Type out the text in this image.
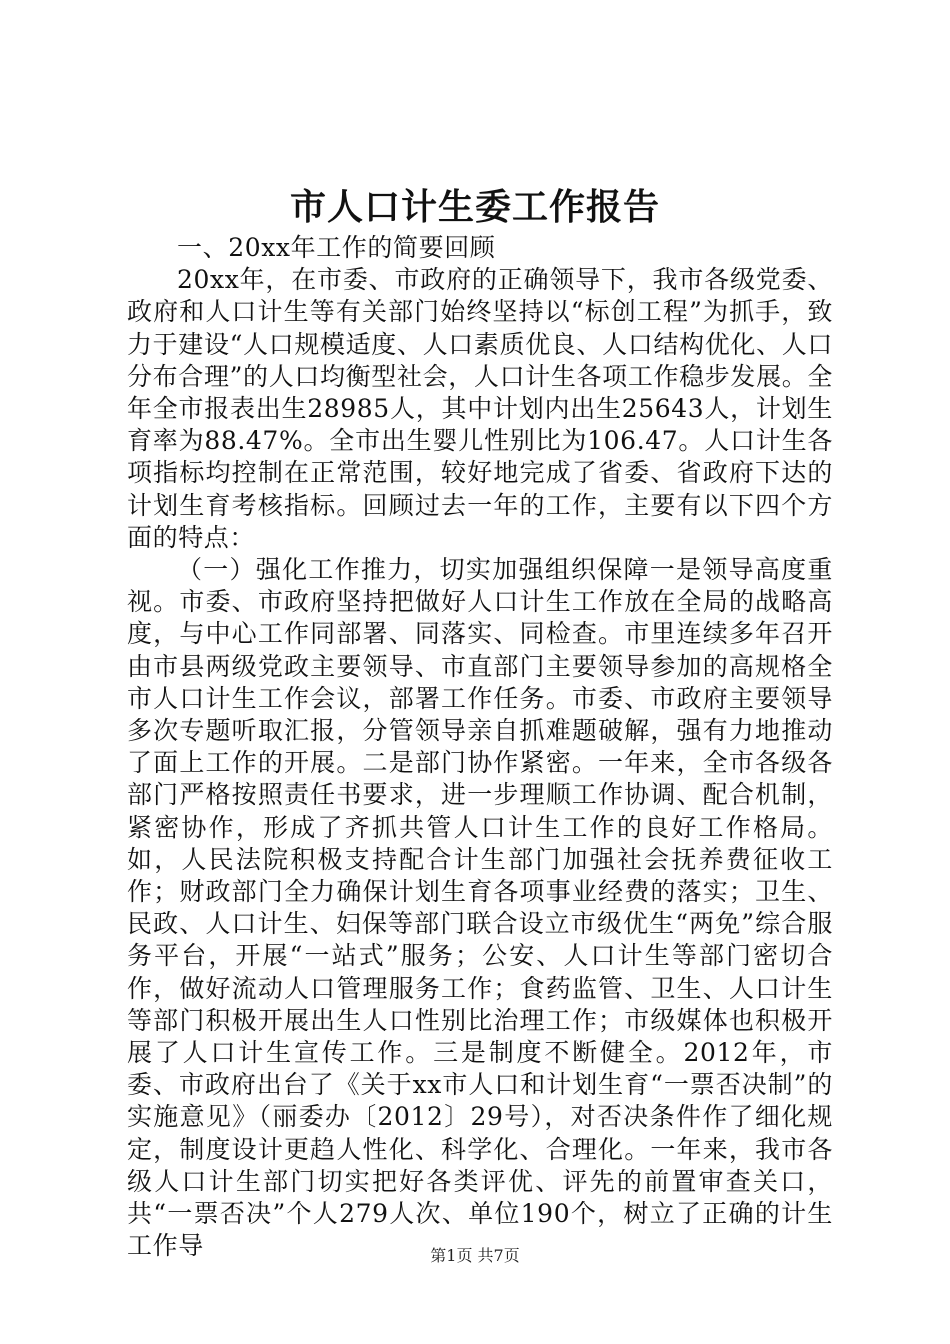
市人口计生委工作报告

一、20xx年工作的简要回顾

20xx年，在市委、市政府的正确领导下，我市各级党委、政府和人口计生等有关部门始终坚持以“标创工程”为抓手，致力于建设“人口规模适度、人口素质优良、人口结构优化、人口分布合理”的人口均衡型社会，人口计生各项工作稳步发展。全年全市报表出生28985人，其中计划内出生25643人，计划生育率为88.47%。全市出生婴儿性别比为106.47。人口计生各项指标均控制在正常范围，较好地完成了省委、省政府下达的计划生育考核指标。回顾过去一年的工作，主要有以下四个方面的特点：

（一）强化工作推力，切实加强组织保障一是领导高度重视。市委、市政府坚持把做好人口计生工作放在全局的战略高度，与中心工作同部署、同落实、同检查。市里连续多年召开由市县两级党政主要领导、市直部门主要领导参加的高规格全市人口计生工作会议，部署工作任务。市委、市政府主要领导多次专题听取汇报，分管领导亲自抓难题破解，强有力地推动了面上工作的开展。二是部门协作紧密。一年来，全市各级各部门严格按照责任书要求，进一步理顺工作协调、配合机制，紧密协作，形成了齐抓共管人口计生工作的良好工作格局。如，人民法院积极支持配合计生部门加强社会抚养费征收工作；财政部门全力确保计划生育各项事业经费的落实；卫生、民政、人口计生、妇保等部门联合设立市级优生“两免”综合服务平台，开展“一站式”服务；公安、人口计生等部门密切合作，做好流动人口管理服务工作；食药监管、卫生、人口计生等部门积极开展出生人口性别比治理工作；市级媒体也积极开展了人口计生宣传工作。三是制度不断健全。2012年，市委、市政府出台了《关于xx市人口和计划生育“一票否决制”的实施意见》（丽委办〔2012〕29号），对否决条件作了细化规定，制度设计更趋人性化、科学化、合理化。一年来，我市各级人口计生部门切实把好各类评优、评先的前置审查关口，共“一票否决”个人279人次、单位190个，树立了正确的计生工作导	第1页 共7页
